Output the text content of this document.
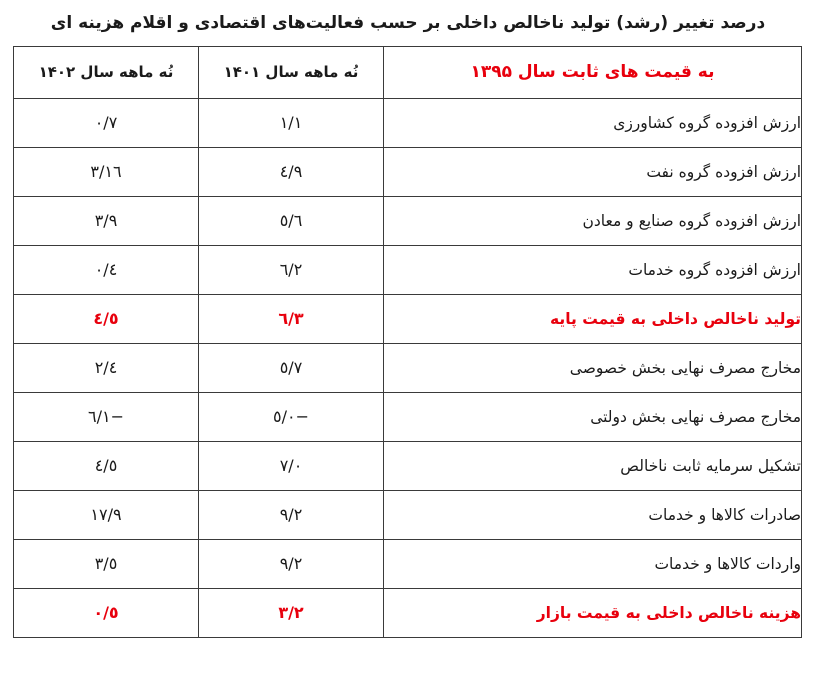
درصد تغییر (رشد) تولید ناخالص داخلی بر حسب فعالیت‌های اقتصادی و اقلام هزینه ای
به قیمت های ثابت سال ۱۳۹۵	نُه ماهه سال ۱۴۰۱	نُه ماهه سال ۱۴۰۲
ارزش افزوده گروه کشاورزی	۱/۱	۰/۷
ارزش افزوده گروه نفت	۹/٤	۱٦/۳
ارزش افزوده گروه صنایع و معادن	٥/٦	۳/۹
ارزش افزوده گروه خدمات	۲/٦	٤/۰
تولید ناخالص داخلی به قیمت پایه	۳/٦	٤/٥
مخارج مصرف نهایی بخش خصوصی	۷/٥	٤/۲
مخارج مصرف نهایی بخش دولتی	−۰/٥	−۱/٦
تشکیل سرمایه ثابت ناخالص	۷/۰	٤/٥
صادرات کالاها و خدمات	۹/۲	۱۷/۹
واردات کالاها و خدمات	۹/۲	٥/۳
هزینه ناخالص داخلی به قیمت بازار	۳/۲	٥/۰
